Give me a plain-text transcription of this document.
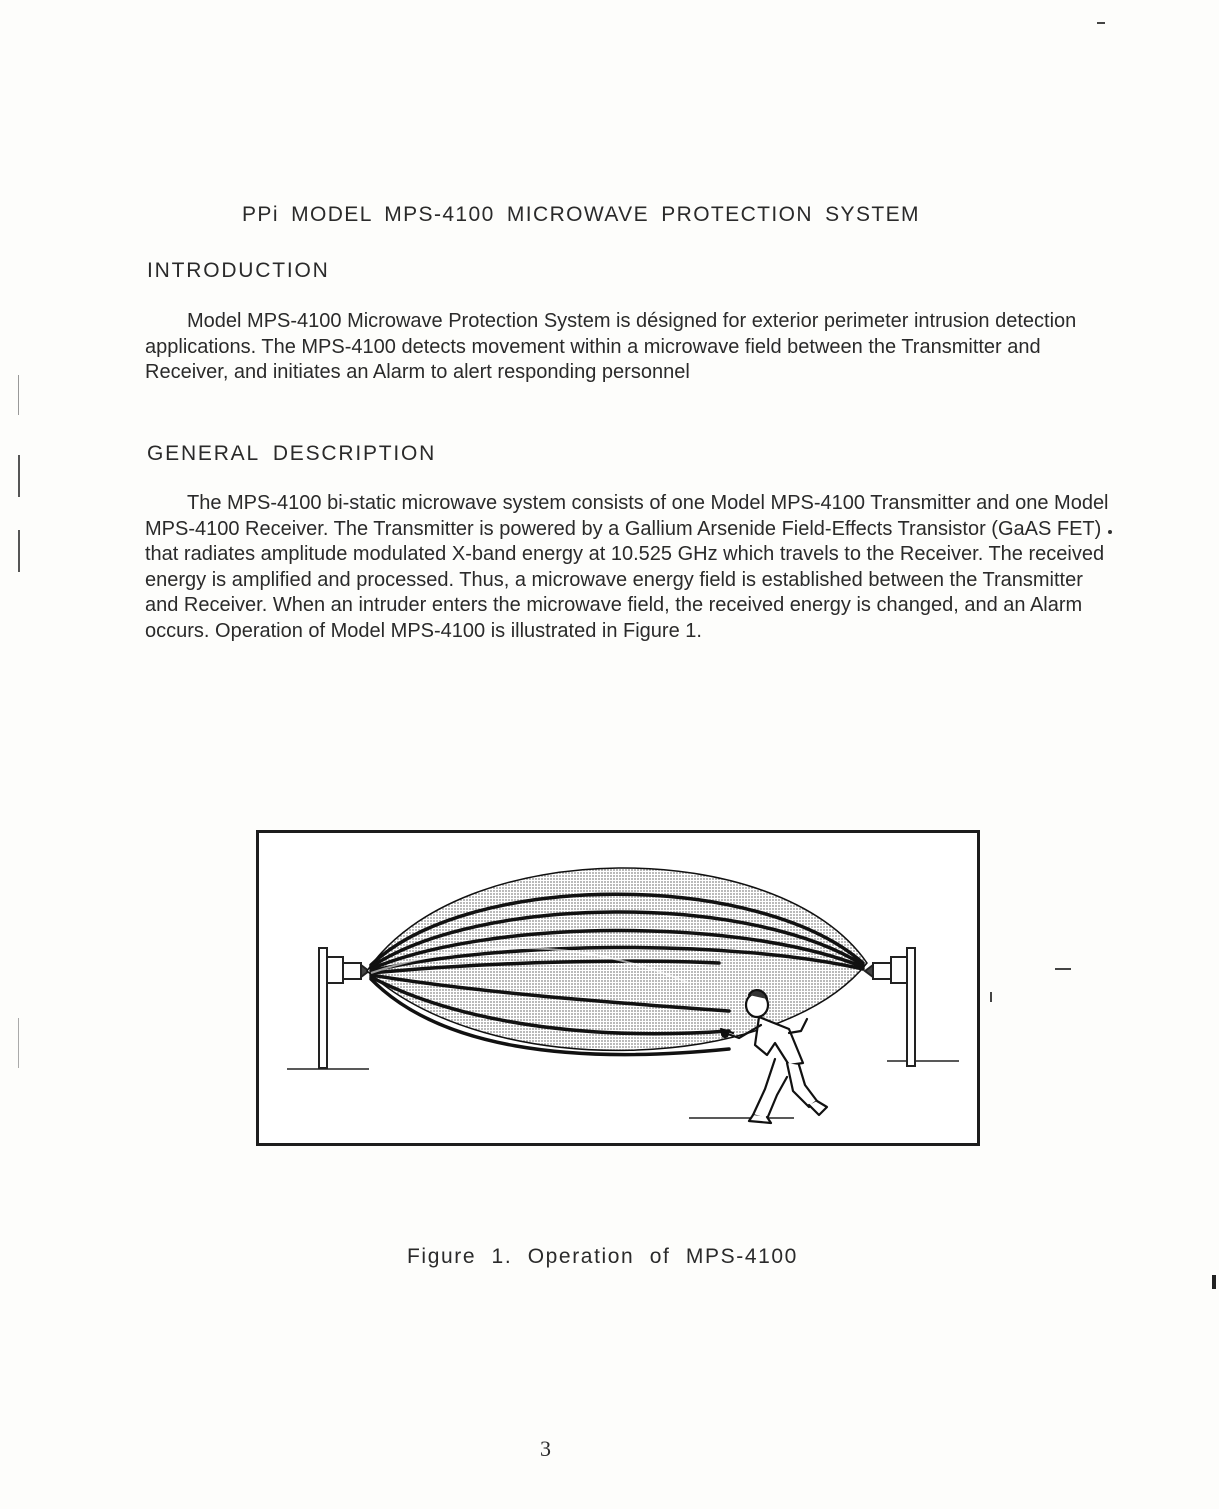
PPi MODEL MPS-4100 MICROWAVE PROTECTION SYSTEM
INTRODUCTION

Model MPS-4100 Microwave Protection System is désigned for exterior perimeter intrusion detection applications. The MPS-4100 detects movement within a microwave field between the Transmitter and Receiver, and initiates an Alarm to alert responding personnel

GENERAL DESCRIPTION

The MPS-4100 bi-static microwave system consists of one Model MPS-4100 Transmitter and one Model MPS-4100 Receiver. The Transmitter is powered by a Gallium Arsenide Field-Effects Transistor (GaAS FET) that radiates amplitude modulated X-band energy at 10.525 GHz which travels to the Receiver. The received energy is amplified and processed. Thus, a microwave energy field is established between the Transmitter and Receiver. When an intruder enters the microwave field, the received energy is changed, and an Alarm occurs. Operation of Model MPS-4100 is illustrated in Figure 1.

Figure 1. Operation of MPS-4100
3
